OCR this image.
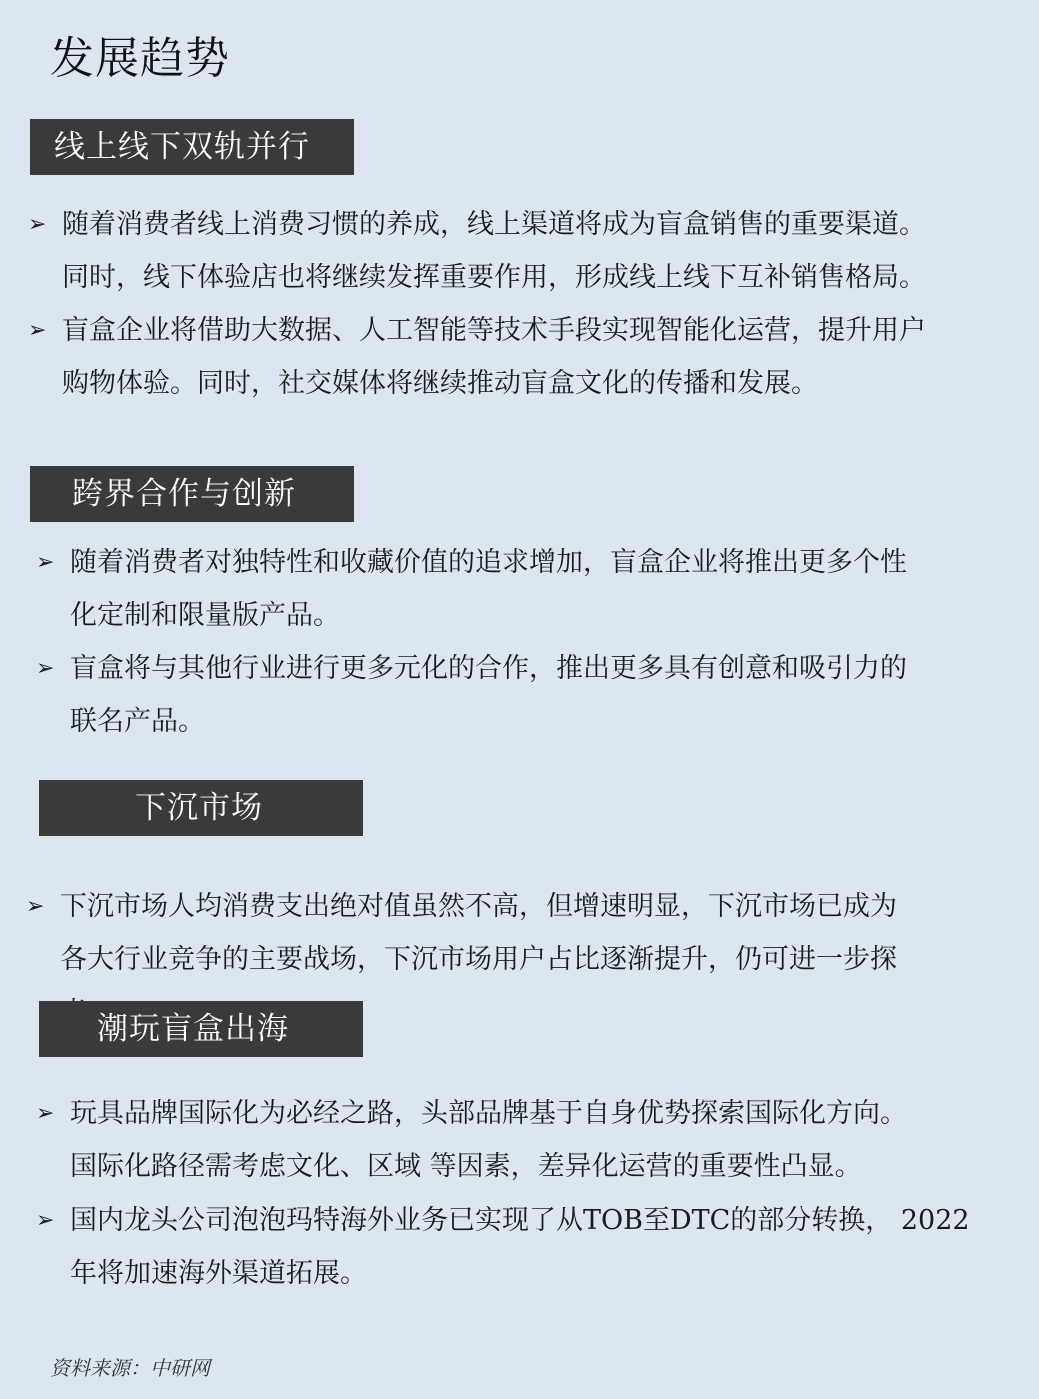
发展趋势
线上线下双轨并行
➢ 随着消费者线上消费习惯的养成，线上渠道将成为盲盒销售的重要渠道。
同时，线下体验店也将继续发挥重要作用，形成线上线下互补销售格局。
➢ 盲盒企业将借助大数据、人工智能等技术手段实现智能化运营，提升用户
购物体验。同时，社交媒体将继续推动盲盒文化的传播和发展。
跨界合作与创新
➢ 随着消费者对独特性和收藏价值的追求增加，盲盒企业将推出更多个性
化定制和限量版产品。
➢ 盲盒将与其他行业进行更多元化的合作，推出更多具有创意和吸引力的
联名产品。
下沉市场
➢ 下沉市场人均消费支出绝对值虽然不高，但增速明显，下沉市场已成为
各大行业竞争的主要战场，下沉市场用户占比逐渐提升，仍可进一步探
潮玩盲盒出海
➢ 玩具品牌国际化为必经之路，头部品牌基于自身优势探索国际化方向。
国际化路径需考虑文化、区域 等因素，差异化运营的重要性凸显。
➢ 国内龙头公司泡泡玛特海外业务已实现了从TOB至DTC的部分转换， 2022
年将加速海外渠道拓展。
资料来源：中研网
